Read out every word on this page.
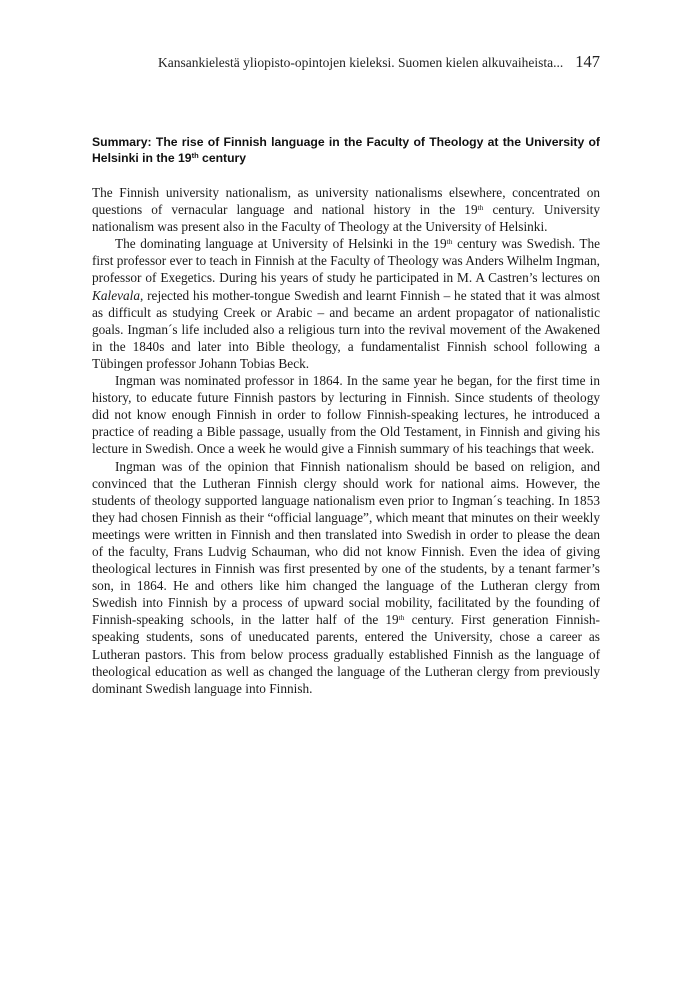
Kansankielestä yliopisto-opintojen kieleksi. Suomen kielen alkuvaiheista... 147
Summary: The rise of Finnish language in the Faculty of Theology at the University of Helsinki in the 19th century

The Finnish university nationalism, as university nationalisms elsewhere, concentrated on questions of vernacular language and national history in the 19th century. University nationalism was present also in the Faculty of Theology at the University of Helsinki.

The dominating language at University of Helsinki in the 19th century was Swedish. The first professor ever to teach in Finnish at the Faculty of Theology was Anders Wilhelm Ingman, professor of Exegetics. During his years of study he participated in M. A Castren’s lectures on Kalevala, rejected his mother-tongue Swedish and learnt Finnish – he stated that it was almost as difficult as studying Creek or Arabic – and became an ardent propagator of nationalistic goals. Ingman´s life included also a religious turn into the revival movement of the Awakened in the 1840s and later into Bible theology, a fundamentalist Finnish school following a Tübingen professor Johann Tobias Beck.

Ingman was nominated professor in 1864. In the same year he began, for the first time in history, to educate future Finnish pastors by lecturing in Finnish. Since students of theology did not know enough Finnish in order to follow Finnish-speaking lectures, he introduced a practice of reading a Bible passage, usually from the Old Testament, in Finnish and giving his lecture in Swedish. Once a week he would give a Finnish summary of his teachings that week.

Ingman was of the opinion that Finnish nationalism should be based on religion, and convinced that the Lutheran Finnish clergy should work for national aims. However, the students of theology supported language nationalism even prior to Ingman´s teaching. In 1853 they had chosen Finnish as their “official language”, which meant that minutes on their weekly meetings were written in Finnish and then translated into Swedish in order to please the dean of the faculty, Frans Ludvig Schauman, who did not know Finnish. Even the idea of giving theological lectures in Finnish was first presented by one of the students, by a tenant farmer’s son, in 1864. He and others like him changed the language of the Lutheran clergy from Swedish into Finnish by a process of upward social mobility, facilitated by the founding of Finnish-speaking schools, in the latter half of the 19th century. First generation Finnish-speaking students, sons of uneducated parents, entered the University, chose a career as Lutheran pastors. This from below process gradually established Finnish as the language of theological education as well as changed the language of the Lutheran clergy from previously dominant Swedish language into Finnish.
